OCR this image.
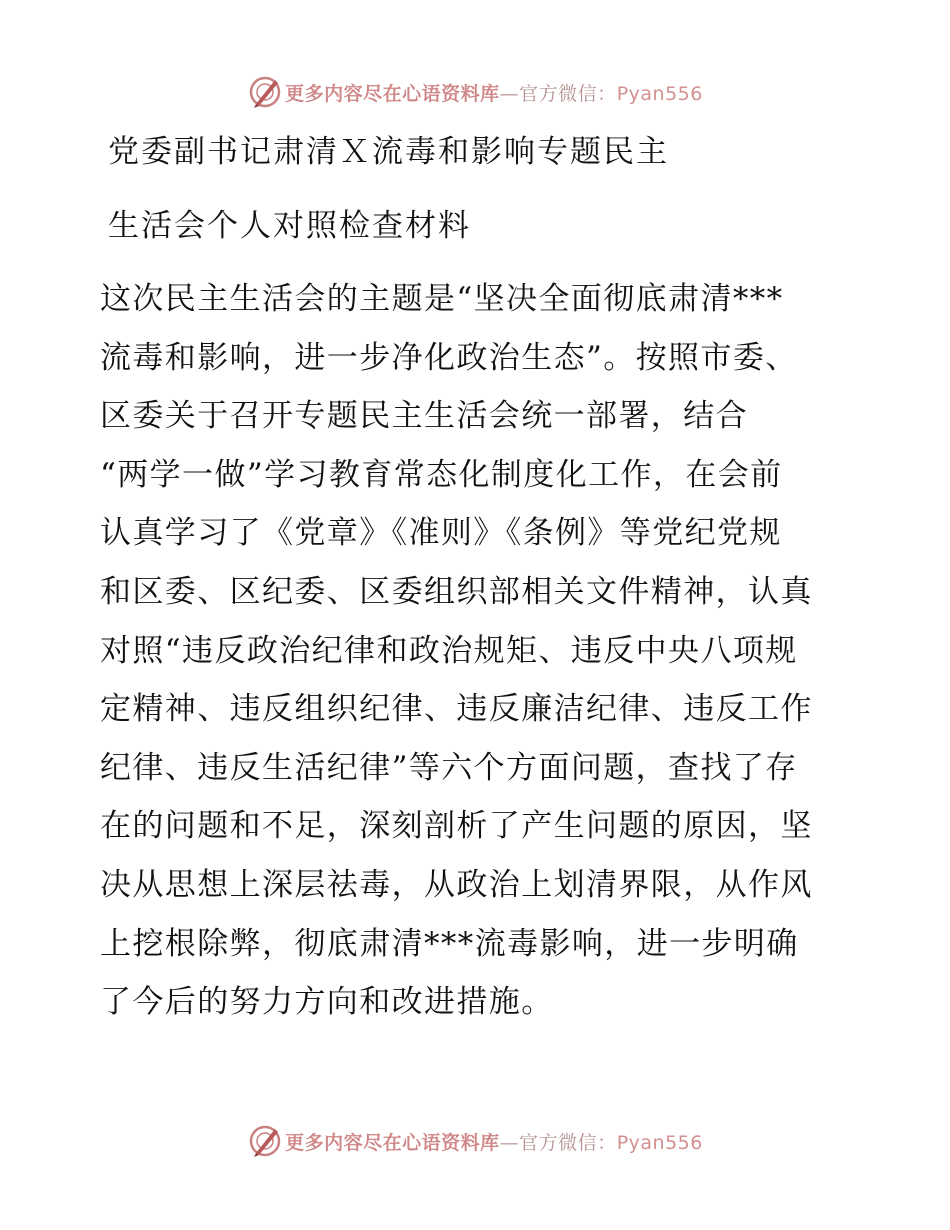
更多内容尽在心语资料库—官方微信：Pyan556
党委副书记肃清Ｘ流毒和影响专题民主
生活会个人对照检查材料
这次民主生活会的主题是“坚决全面彻底肃清***
流毒和影响，进一步净化政治生态”。按照市委、
区委关于召开专题民主生活会统一部署，结合
“两学一做”学习教育常态化制度化工作，在会前
认真学习了《党章》《准则》《条例》等党纪党规
和区委、区纪委、区委组织部相关文件精神，认真
对照“违反政治纪律和政治规矩、违反中央八项规
定精神、违反组织纪律、违反廉洁纪律、违反工作
纪律、违反生活纪律”等六个方面问题，查找了存
在的问题和不足，深刻剖析了产生问题的原因，坚
决从思想上深层祛毒，从政治上划清界限，从作风
上挖根除弊，彻底肃清***流毒影响，进一步明确
了今后的努力方向和改进措施。
更多内容尽在心语资料库—官方微信：Pyan556
